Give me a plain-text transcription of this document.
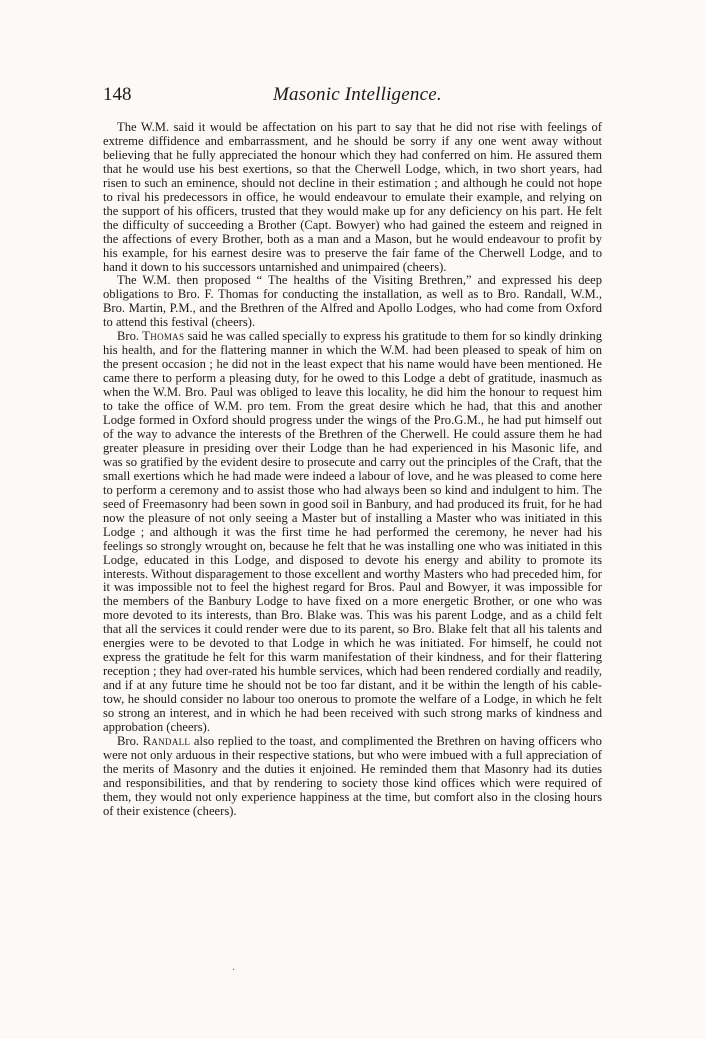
148	Masonic Intelligence.

The W.M. said it would be affectation on his part to say that he did not rise with feelings of extreme diffidence and embarrassment, and he should be sorry if any one went away without believing that he fully appreciated the honour which they had conferred on him. He assured them that he would use his best exertions, so that the Cherwell Lodge, which, in two short years, had risen to such an eminence, should not decline in their estimation ; and although he could not hope to rival his predecessors in office, he would endeavour to emulate their example, and relying on the support of his officers, trusted that they would make up for any deficiency on his part. He felt the difficulty of succeeding a Brother (Capt. Bowyer) who had gained the esteem and reigned in the affections of every Brother, both as a man and a Mason, but he would endeavour to profit by his example, for his earnest desire was to preserve the fair fame of the Cherwell Lodge, and to hand it down to his successors untarnished and unimpaired (cheers).

The W.M. then proposed “ The healths of the Visiting Brethren,” and expressed his deep obligations to Bro. F. Thomas for conducting the installation, as well as to Bro. Randall, W.M., Bro. Martin, P.M., and the Brethren of the Alfred and Apollo Lodges, who had come from Oxford to attend this festival (cheers).

Bro. Thomas said he was called specially to express his gratitude to them for so kindly drinking his health, and for the flattering manner in which the W.M. had been pleased to speak of him on the present occasion ; he did not in the least expect that his name would have been mentioned. He came there to perform a pleasing duty, for he owed to this Lodge a debt of gratitude, inasmuch as when the W.M. Bro. Paul was obliged to leave this locality, he did him the honour to request him to take the office of W.M. pro tem. From the great desire which he had, that this and another Lodge formed in Oxford should progress under the wings of the Pro.G.M., he had put himself out of the way to advance the interests of the Brethren of the Cherwell. He could assure them he had greater pleasure in presiding over their Lodge than he had experienced in his Masonic life, and was so gratified by the evident desire to prosecute and carry out the principles of the Craft, that the small exertions which he had made were indeed a labour of love, and he was pleased to come here to perform a ceremony and to assist those who had always been so kind and indulgent to him. The seed of Freemasonry had been sown in good soil in Banbury, and had produced its fruit, for he had now the pleasure of not only seeing a Master but of installing a Master who was initiated in this Lodge ; and although it was the first time he had performed the ceremony, he never had his feelings so strongly wrought on, because he felt that he was installing one who was initiated in this Lodge, educated in this Lodge, and disposed to devote his energy and ability to promote its interests. Without disparagement to those excellent and worthy Masters who had preceded him, for it was impossible not to feel the highest regard for Bros. Paul and Bowyer, it was impossible for the members of the Banbury Lodge to have fixed on a more energetic Brother, or one who was more devoted to its interests, than Bro. Blake was. This was his parent Lodge, and as a child felt that all the services it could render were due to its parent, so Bro. Blake felt that all his talents and energies were to be devoted to that Lodge in which he was initiated. For himself, he could not express the gratitude he felt for this warm manifestation of their kindness, and for their flattering reception ; they had over-rated his humble services, which had been rendered cordially and readily, and if at any future time he should not be too far distant, and it be within the length of his cable-tow, he should consider no labour too onerous to promote the welfare of a Lodge, in which he felt so strong an interest, and in which he had been received with such strong marks of kindness and approbation (cheers).

Bro. Randall also replied to the toast, and complimented the Brethren on having officers who were not only arduous in their respective stations, but who were imbued with a full appreciation of the merits of Masonry and the duties it enjoined. He reminded them that Masonry had its duties and responsibilities, and that by rendering to society those kind offices which were required of them, they would not only experience happiness at the time, but comfort also in the closing hours of their existence (cheers).

.
